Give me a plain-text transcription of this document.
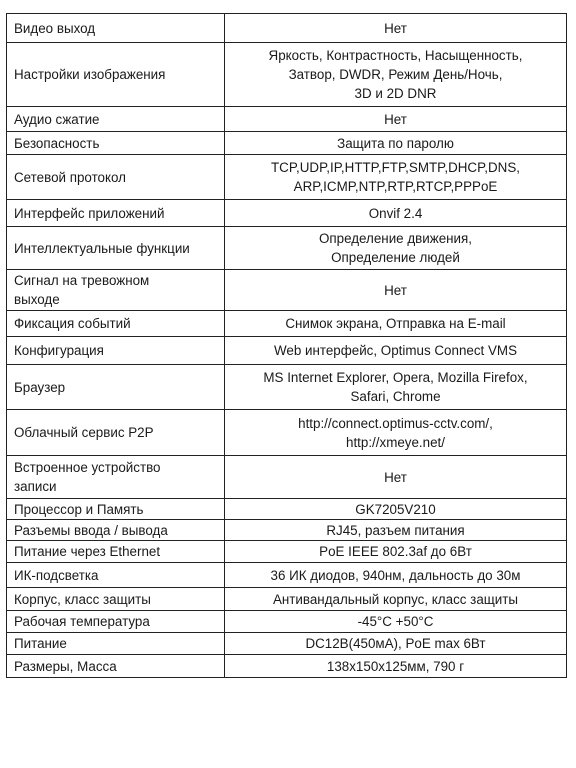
Видео выход	Нет
Настройки изображения	Яркость, Контрастность, Насыщенность,
Затвор, DWDR, Режим День/Ночь,
3D и 2D DNR
Аудио сжатие	Нет
Безопасность	Защита по паролю
Сетевой протокол	TCP,UDP,IP,HTTP,FTP,SMTP,DHCP,DNS,
ARP,ICMP,NTP,RTP,RTCP,PPPoE
Интерфейс приложений	Onvif 2.4
Интеллектуальные функции	Определение движения,
Определение людей
Сигнал на тревожном
выходе	Нет
Фиксация событий	Снимок экрана, Отправка на E-mail
Конфигурация	Web интерфейс, Optimus Connect VMS
Браузер	MS Internet Explorer, Opera, Mozilla Firefox,
Safari, Chrome
Облачный сервис P2P	http://connect.optimus-cctv.com/,
http://xmeye.net/
Встроенное устройство
записи	Нет
Процессор и Память	GK7205V210
Разъемы ввода / вывода	RJ45, разъем питания
Питание через Ethernet	PoE IEEE 802.3af до 6Вт
ИК-подсветка	36 ИК диодов, 940нм, дальность до 30м
Корпус, класс защиты	Антивандальный корпус, класс защиты
Рабочая температура	-45°С +50°С
Питание	DC12В(450мА), PoE max 6Вт
Размеры, Масса	138x150x125мм, 790 г
